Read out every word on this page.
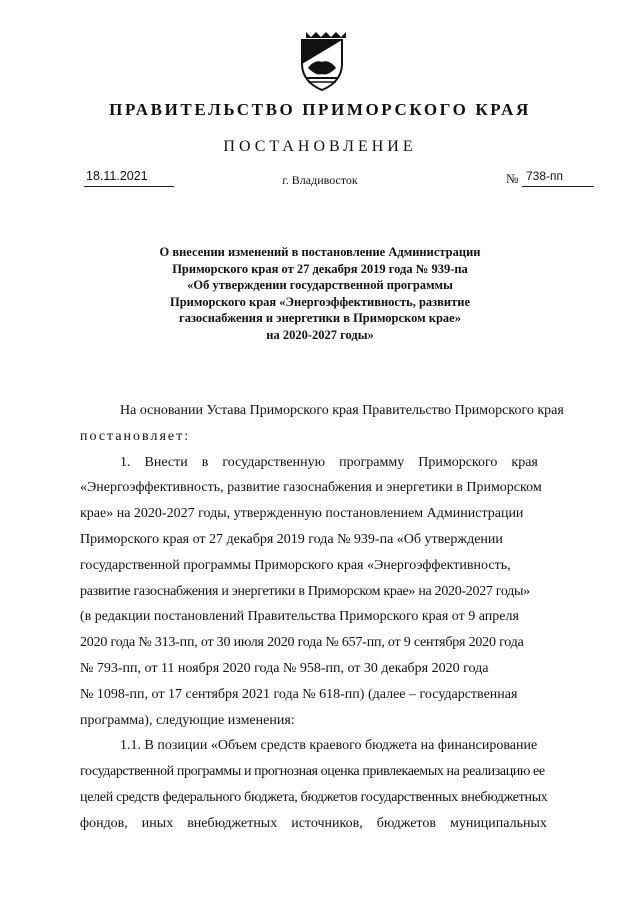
ПРАВИТЕЛЬСТВО ПРИМОРСКОГО КРАЯ
ПОСТАНОВЛЕНИЕ
18.11.2021	г. Владивосток	№ 738-пп
О внесении изменений в постановление Администрации
Приморского края от 27 декабря 2019 года № 939-па
«Об утверждении государственной программы
Приморского края «Энергоэффективность, развитие
газоснабжения и энергетики в Приморском крае»
на 2020-2027 годы»
На основании Устава Приморского края Правительство Приморского края
постановляет:
1.    Внести    в    государственную    программу    Приморского    края
«Энергоэффективность, развитие газоснабжения и энергетики в Приморском
крае» на 2020-2027 годы, утвержденную постановлением Администрации
Приморского края от 27 декабря 2019 года № 939-па «Об утверждении
государственной программы Приморского края «Энергоэффективность,
развитие газоснабжения и энергетики в Приморском крае» на 2020-2027 годы»
(в редакции постановлений Правительства Приморского края от 9 апреля
2020 года № 313-пп, от 30 июля 2020 года № 657-пп, от 9 сентября 2020 года
№ 793-пп, от 11 ноября 2020 года № 958-пп, от 30 декабря 2020 года
№ 1098-пп, от 17 сентября 2021 года № 618-пп) (далее – государственная
программа), следующие изменения:
1.1. В позиции «Объем средств краевого бюджета на финансирование
государственной программы и прогнозная оценка привлекаемых на реализацию ее
целей средств федерального бюджета, бюджетов государственных внебюджетных
фондов,    иных    внебюджетных    источников,    бюджетов    муниципальных
